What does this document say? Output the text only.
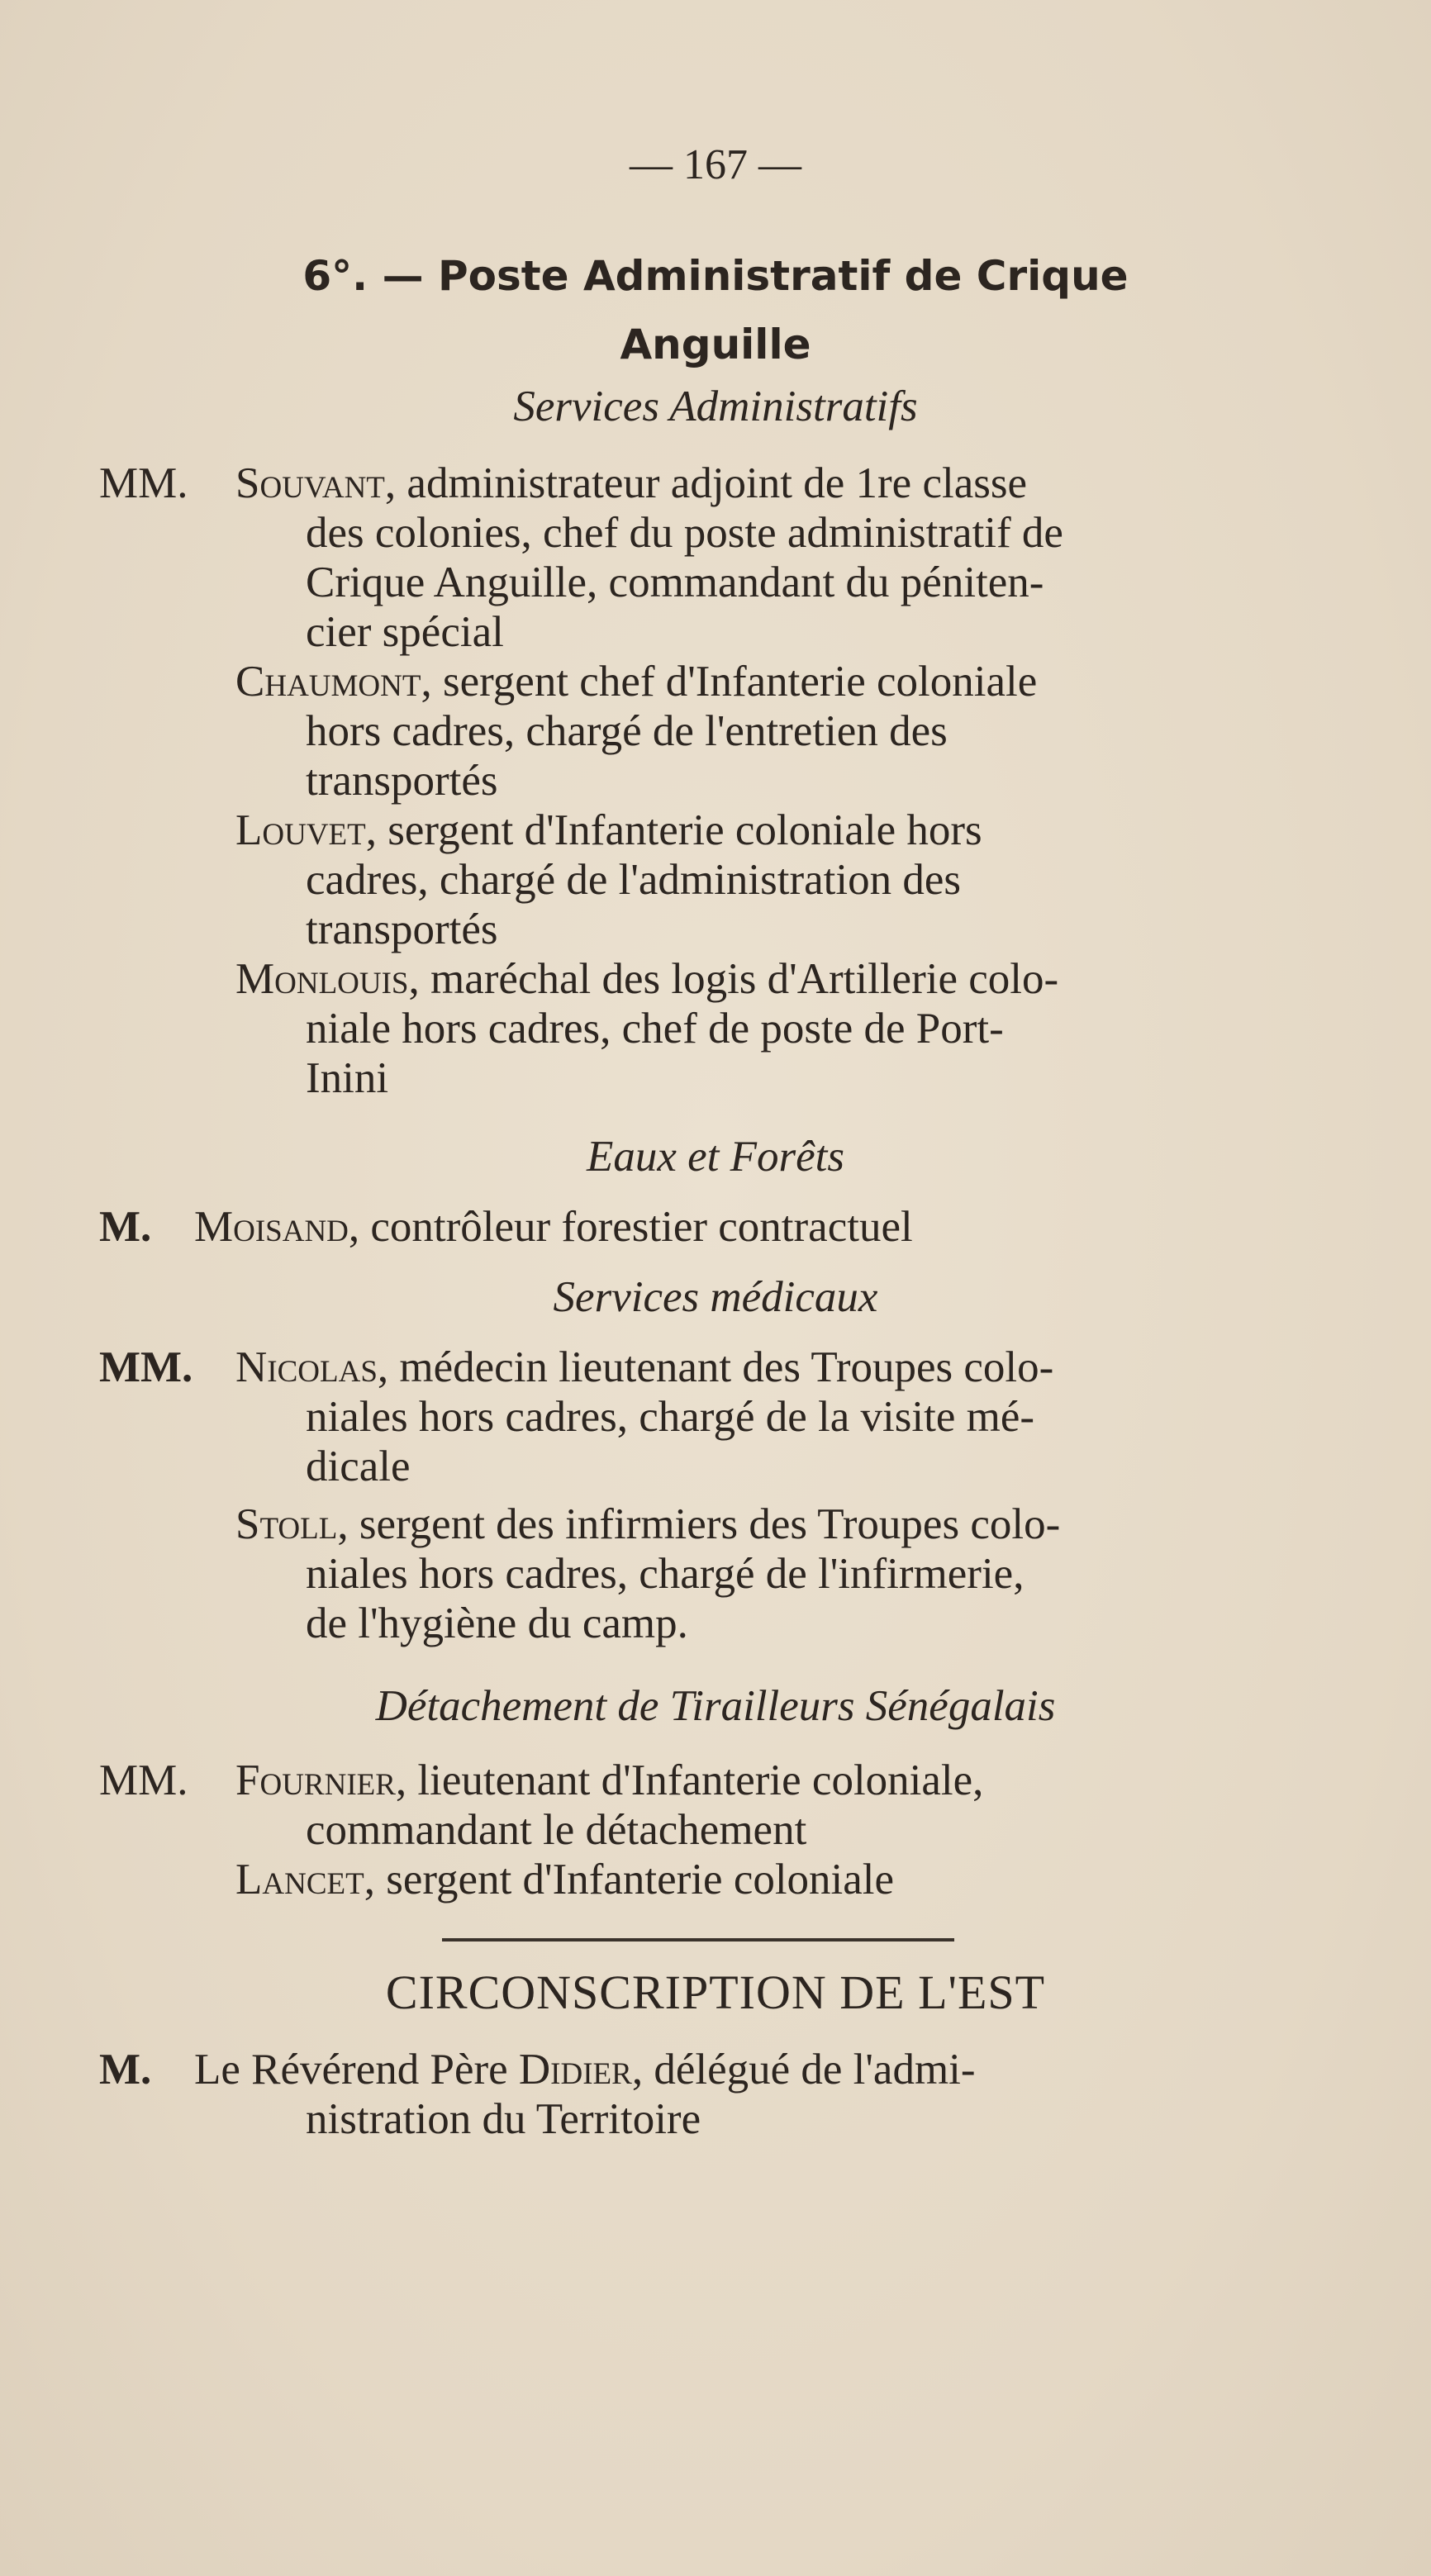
— 167 —
6°. — Poste Administratif de Crique
Anguille
Services Administratifs
MM. Souvant, administrateur adjoint de 1re classe
des colonies, chef du poste administratif de
Crique Anguille, commandant du péniten-
cier spécial
Chaumont, sergent chef d'Infanterie coloniale
hors cadres, chargé de l'entretien des
transportés
Louvet, sergent d'Infanterie coloniale hors
cadres, chargé de l'administration des
transportés
Monlouis, maréchal des logis d'Artillerie colo-
niale hors cadres, chef de poste de Port-
Inini
Eaux et Forêts
M. Moisand, contrôleur forestier contractuel
Services médicaux
MM. Nicolas, médecin lieutenant des Troupes colo-
niales hors cadres, chargé de la visite mé-
dicale
Stoll, sergent des infirmiers des Troupes colo-
niales hors cadres, chargé de l'infirmerie,
de l'hygiène du camp.
Détachement de Tirailleurs Sénégalais
MM. Fournier, lieutenant d'Infanterie coloniale,
commandant le détachement
Lancet, sergent d'Infanterie coloniale
CIRCONSCRIPTION DE L'EST
M. Le Révérend Père Didier, délégué de l'admi-
nistration du Territoire
